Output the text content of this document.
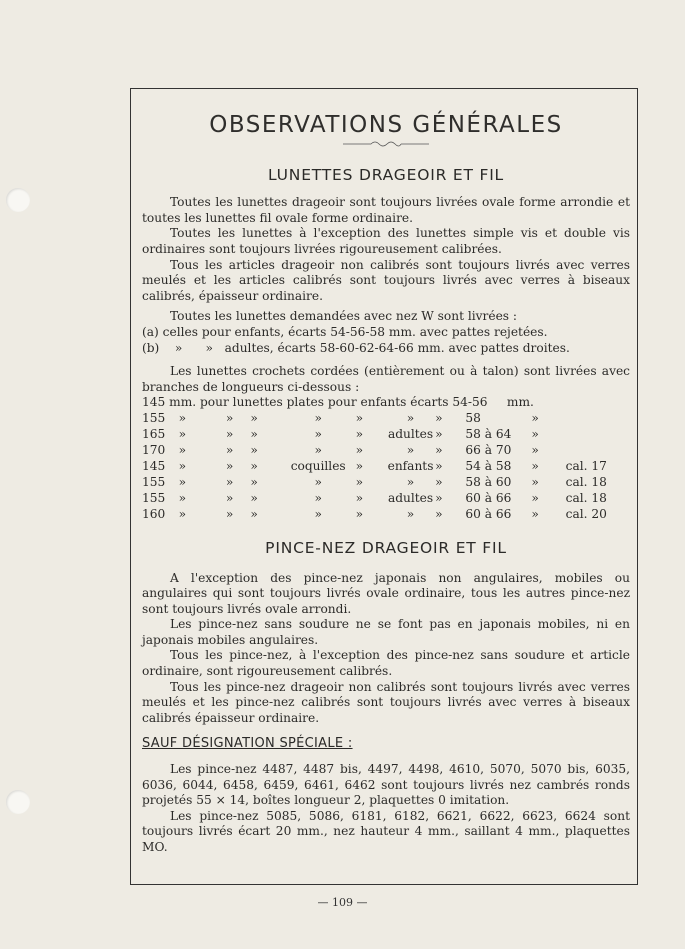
OBSERVATIONS GÉNÉRALES
LUNETTES DRAGEOIR ET FIL

Toutes les lunettes drageoir sont toujours livrées ovale forme arrondie et toutes les lunettes fil ovale forme ordinaire.

Toutes les lunettes à l'exception des lunettes simple vis et double vis ordinaires sont toujours livrées rigoureusement calibrées.

Tous les articles drageoir non calibrés sont toujours livrés avec verres meulés et les articles calibrés sont toujours livrés avec verres à biseaux calibrés, épaisseur ordinaire.

Toutes les lunettes demandées avec nez W sont livrées :

(a) celles pour enfants, écarts 54-56-58 mm. avec pattes rejetées.

(b) » » adultes, écarts 58-60-62-64-66 mm. avec pattes droites.

Les lunettes crochets cordées (entièrement ou à talon) sont livrées avec branches de longueurs ci-dessous :

145 mm. pour lunettes plates pour enfants écarts 54-56     mm.

155	»	»	»	»	»	»	»	58	»	
165	»	»	»	»	»	adultes	»	58 à 64	»	
170	»	»	»	»	»	»	»	66 à 70	»	
145	»	»	»	coquilles	»	enfants	»	54 à 58	»	cal. 17
155	»	»	»	»	»	»	»	58 à 60	»	cal. 18
155	»	»	»	»	»	adultes	»	60 à 66	»	cal. 18
160	»	»	»	»	»	»	»	60 à 66	»	cal. 20
PINCE-NEZ DRAGEOIR ET FIL

A l'exception des pince-nez japonais non angulaires, mobiles ou angulaires qui sont toujours livrés ovale ordinaire, tous les autres pince-nez sont toujours livrés ovale arrondi.

Les pince-nez sans soudure ne se font pas en japonais mobiles, ni en japonais mobiles angulaires.

Tous les pince-nez, à l'exception des pince-nez sans soudure et article ordinaire, sont rigoureusement calibrés.

Tous les pince-nez drageoir non calibrés sont toujours livrés avec verres meulés et les pince-nez calibrés sont toujours livrés avec verres à biseaux calibrés épaisseur ordinaire.

SAUF DÉSIGNATION SPÉCIALE :

Les pince-nez 4487, 4487 bis, 4497, 4498, 4610, 5070, 5070 bis, 6035, 6036, 6044, 6458, 6459, 6461, 6462 sont toujours livrés nez cambrés ronds projetés 55 × 14, boîtes longueur 2, plaquettes 0 imitation.

Les pince-nez 5085, 5086, 6181, 6182, 6621, 6622, 6623, 6624 sont toujours livrés écart 20 mm., nez hauteur 4 mm., saillant 4 mm., plaquettes MO.

— 109 —
